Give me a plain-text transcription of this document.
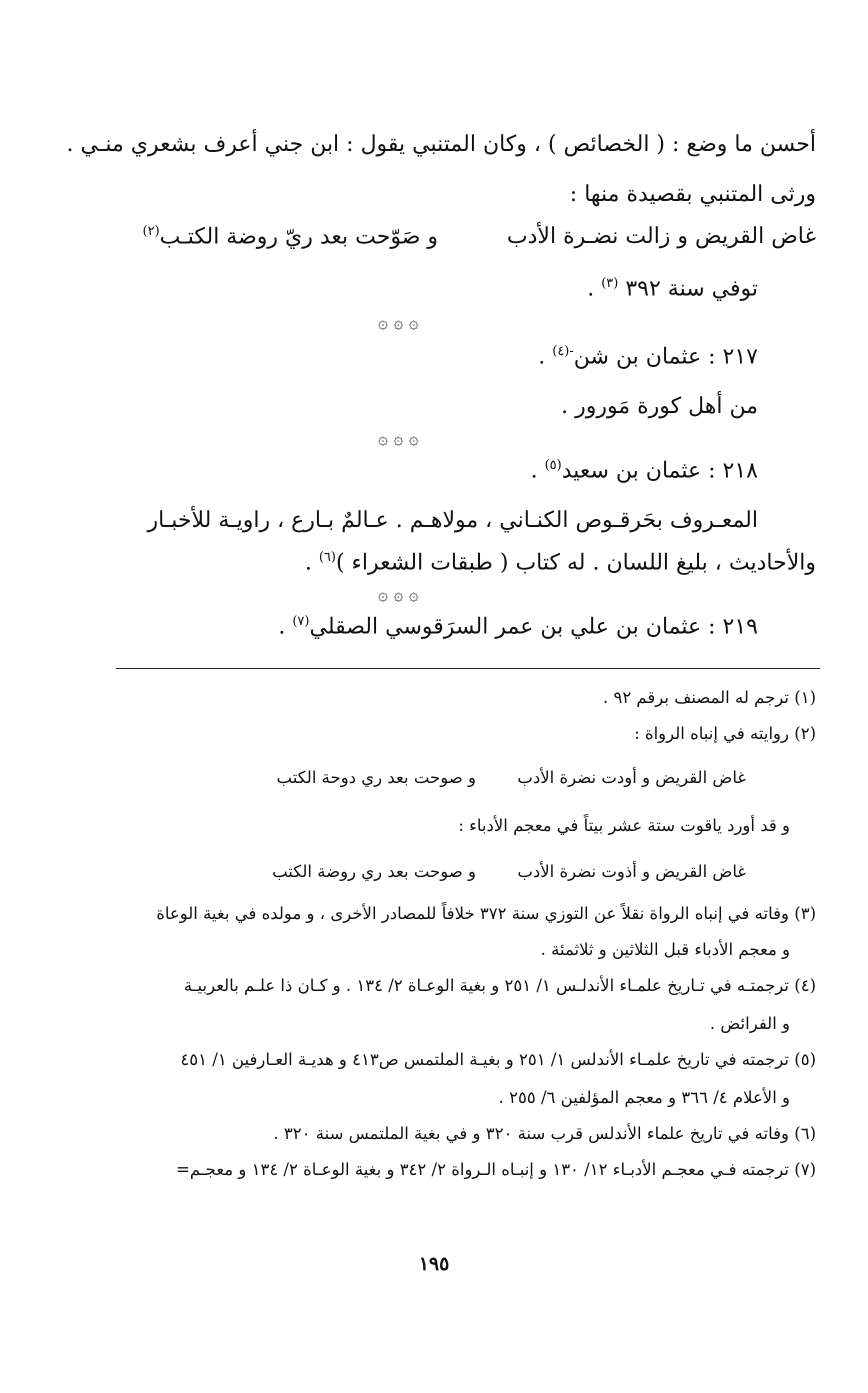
أحسن ما وضع : ( الخصائص ) ، وكان المتنبي يقول : ابن جني أعرف بشعري منـي .
ورثى المتنبي بقصيدة منها :
غاض القريض و زالت نضـرة الأدب
و صَوّحت بعد ريّ روضة الكتـب$^{(٢)}$
توفي سنة ٣٩٢ $^{(٣)}$ .
۞ ۞ ۞
٢١٧ : عثمان بن شن$^{-(٤)}$ .
من أهل كورة مَورور .
۞ ۞ ۞
٢١٨ : عثمان بن سعيد$^{(٥)}$ .
المعـروف بحَرقـوص الكنـاني ، مولاهـم . عـالمٌ بـارع ، راويـة للأخبـار
والأحاديث ، بليغ اللسان . له كتاب ( طبقات الشعراء )$^{(٦)}$ .
۞ ۞ ۞
٢١٩ : عثمان بن علي بن عمر السرَقوسي الصقلي$^{(٧)}$ .
(١) ترجم له المصنف برقم ٩٢ .
(٢) روايته في إنباه الرواة :
غاض القريض و أودت نضرة الأدب
و صوحت بعد ري دوحة الكتب
و قد أورد ياقوت ستة عشر بيتاً في معجم الأدباء :
غاض القريض و أذوت نضرة الأدب
و صوحت بعد ري روضة الكتب
(٣) وفاته في إنباه الرواة نقلاً عن التوزي سنة ٣٧٢ خلافاً للمصادر الأخرى ، و مولده في بغية الوعاة
و معجم الأدباء قبل الثلاثين و ثلاثمئة .
(٤) ترجمتـه في تـاريخ علمـاء الأندلـس ١/ ٢٥١ و بغية الوعـاة ٢/ ١٣٤ . و كـان ذا علـم بالعربيـة
و الفرائض .
(٥) ترجمته في تاريخ علمـاء الأندلس ١/ ٢٥١ و بغيـة الملتمس ص٤١٣ و هديـة العـارفين ١/ ٤٥١
و الأعلام ٤/ ٣٦٦ و معجم المؤلفين ٦/ ٢٥٥ .
(٦) وفاته في تاريخ علماء الأندلس قرب سنة ٣٢٠ و في بغية الملتمس سنة ٣٢٠ .
(٧) ترجمته فـي معجـم الأدبـاء ١٢/ ١٣٠ و إنبـاه الـرواة ٢/ ٣٤٢ و بغية الوعـاة ٢/ ١٣٤ و معجـم=
١٩٥
